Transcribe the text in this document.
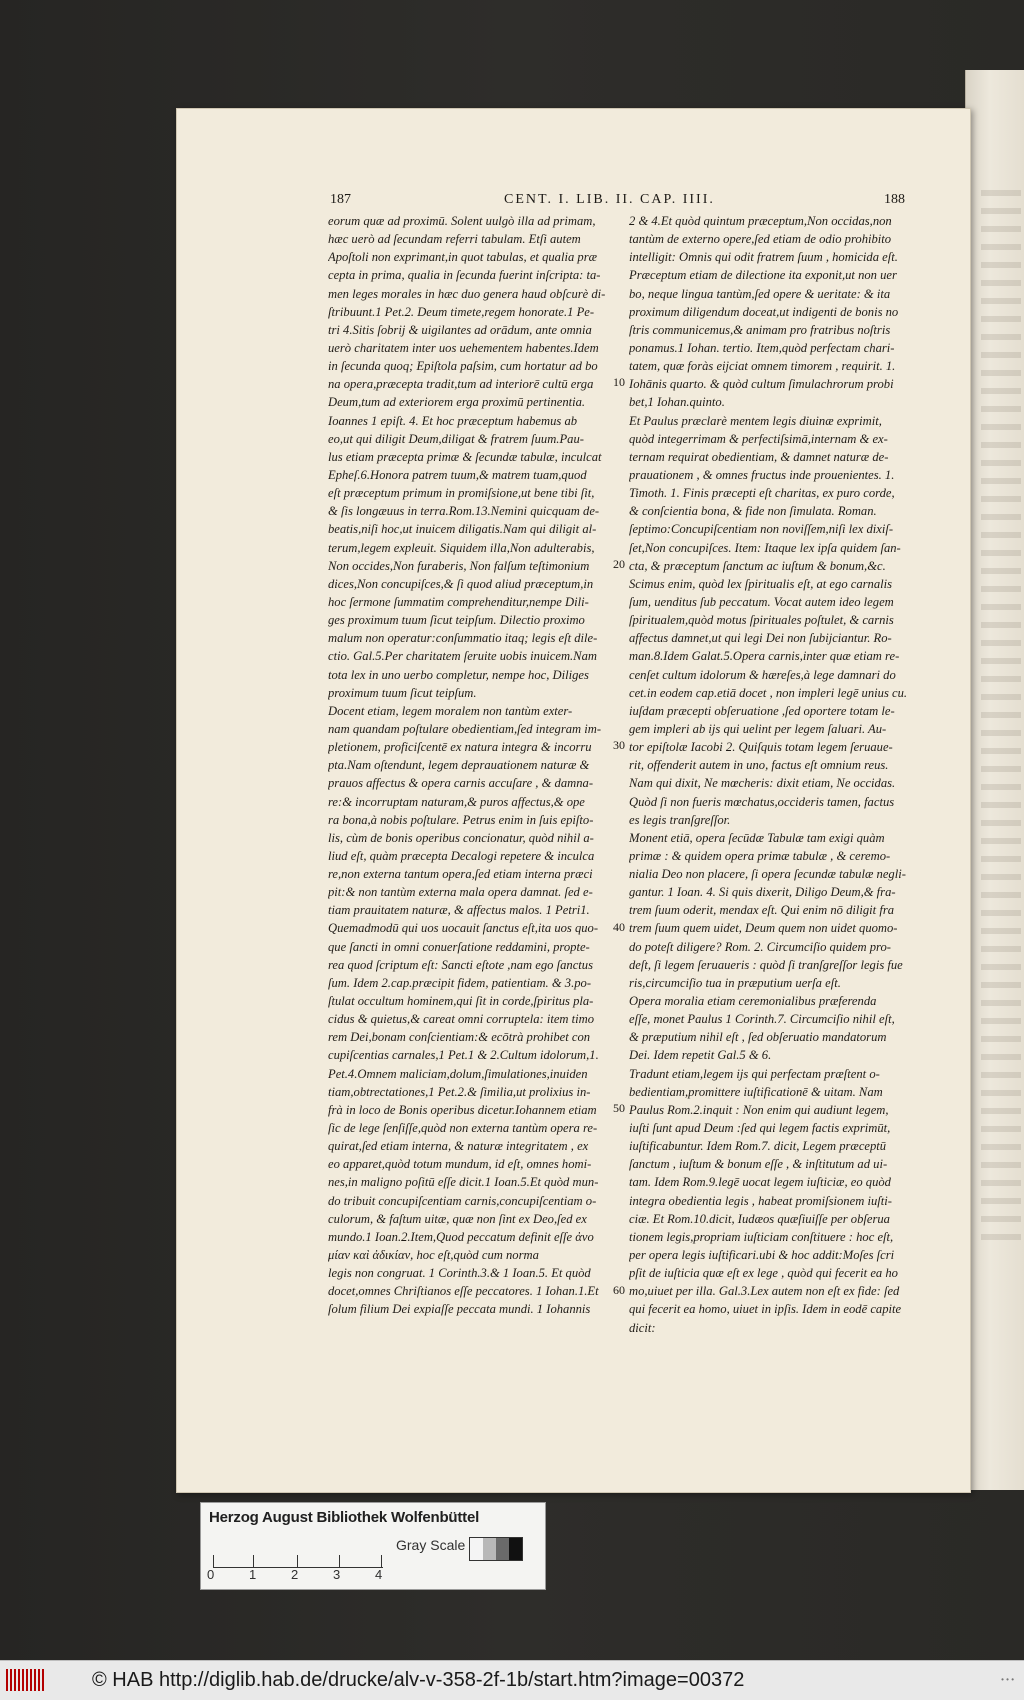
187	CENT. I. LIB. II. CAP. IIII.	188
eorum quæ ad proximū. Solent uulgò illa ad primam,
hæc uerò ad ſecundam referri tabulam. Etſi autem
Apoſtoli non exprimant,in quot tabulas, et qualia præ
cepta in prima, qualia in ſecunda fuerint inſcripta: ta-
men leges morales in hæc duo genera haud obſcurè di-
ſtribuunt.1 Pet.2. Deum timete,regem honorate.1 Pe-
tri 4.Sitis ſobrij & uigilantes ad orādum, ante omnia
uerò charitatem inter uos uehementem habentes.Idem
in ſecunda quoq; Epiſtola paſsim, cum hortatur ad bo
na opera,præcepta tradit,tum ad interiorē cultū erga
Deum,tum ad exteriorem erga proximū pertinentia.
Ioannes 1 epiſt. 4. Et hoc præceptum habemus ab
eo,ut qui diligit Deum,diligat & fratrem ſuum.Pau-
lus etiam præcepta primæ & ſecundæ tabulæ, inculcat
Epheſ.6.Honora patrem tuum,& matrem tuam,quod
eſt præceptum primum in promiſsione,ut bene tibi ſit,
& ſis longæuus in terra.Rom.13.Nemini quicquam de-
beatis,niſi hoc,ut inuicem diligatis.Nam qui diligit al-
terum,legem expleuit. Siquidem illa,Non adulterabis,
Non occides,Non furaberis, Non falſum teſtimonium
dices,Non concupiſces,& ſi quod aliud præceptum,in
hoc ſermone ſummatim comprehenditur,nempe Dili-
ges proximum tuum ſicut teipſum. Dilectio proximo
malum non operatur:conſummatio itaq; legis eſt dile-
ctio. Gal.5.Per charitatem ſeruite uobis inuicem.Nam
tota lex in uno uerbo completur, nempe hoc, Diliges
proximum tuum ſicut teipſum.
Docent etiam, legem moralem non tantùm exter-
nam quandam poſtulare obedientiam,ſed integram im-
pletionem, proficiſcentē ex natura integra & incorru
pta.Nam oſtendunt, legem deprauationem naturæ &
prauos affectus & opera carnis accuſare , & damna-
re:& incorruptam naturam,& puros affectus,& ope
ra bona,à nobis poſtulare. Petrus enim in ſuis epiſto-
lis, cùm de bonis operibus concionatur, quòd nihil a-
liud eſt, quàm præcepta Decalogi repetere & inculca
re,non externa tantum opera,ſed etiam interna præci
pit:& non tantùm externa mala opera damnat. ſed e-
tiam prauitatem naturæ, & affectus malos. 1 Petri1.
Quemadmodū qui uos uocauit ſanctus eſt,ita uos quo-
que ſancti in omni conuerſatione reddamini, propte-
rea quod ſcriptum eſt: Sancti eſtote ,nam ego ſanctus
ſum. Idem 2.cap.præcipit fidem, patientiam. & 3.po-
ſtulat occultum hominem,qui ſit in corde,ſpiritus pla-
cidus & quietus,& careat omni corruptela: item timo
rem Dei,bonam conſcientiam:& ecōtrà prohibet con
cupiſcentias carnales,1 Pet.1 & 2.Cultum idolorum,1.
Pet.4.Omnem maliciam,dolum,ſimulationes,inuiden
tiam,obtrectationes,1 Pet.2.& ſimilia,ut prolixius in-
frà in loco de Bonis operibus dicetur.Iohannem etiam
ſic de lege ſenſiſſe,quòd non externa tantùm opera re-
quirat,ſed etiam interna, & naturæ integritatem , ex
eo apparet,quòd totum mundum, id eſt, omnes homi-
nes,in maligno poſitū eſſe dicit.1 Ioan.5.Et quòd mun-
do tribuit concupiſcentiam carnis,concupiſcentiam o-
culorum, & faſtum uitæ, quæ non ſint ex Deo,ſed ex
mundo.1 Ioan.2.Item,Quod peccatum definit eſſe ἀνο
μίαν καὶ ἀδικίαν, hoc eſt,quòd cum norma
legis non congruat. 1 Corinth.3.& 1 Ioan.5. Et quòd
docet,omnes Chriſtianos eſſe peccatores. 1 Iohan.1.Et
ſolum filium Dei expiaſſe peccata mundi. 1 Iohannis
10
20
30
40
50
60
2 & 4.Et quòd quintum præceptum,Non occidas,non
tantùm de externo opere,ſed etiam de odio prohibito
intelligit: Omnis qui odit fratrem ſuum , homicida eſt.
Præceptum etiam de dilectione ita exponit,ut non uer
bo, neque lingua tantùm,ſed opere & ueritate: & ita
proximum diligendum doceat,ut indigenti de bonis no
ſtris communicemus,& animam pro fratribus noſtris
ponamus.1 Iohan. tertio. Item,quòd perfectam chari-
tatem, quæ foràs eijciat omnem timorem , requirit. 1.
Iohānis quarto. & quòd cultum ſimulachrorum probi
bet,1 Iohan.quinto.
Et Paulus præclarè mentem legis diuinæ exprimit,
quòd integerrimam & perfectiſsimā,internam & ex-
ternam requirat obedientiam, & damnet naturæ de-
prauationem , & omnes fructus inde prouenientes. 1.
Timoth. 1. Finis præcepti eſt charitas, ex puro corde,
& conſcientia bona, & fide non ſimulata. Roman.
ſeptimo:Concupiſcentiam non noviſſem,niſi lex dixiſ-
ſet,Non concupiſces. Item: Itaque lex ipſa quidem ſan-
cta, & præceptum ſanctum ac iuſtum & bonum,&c.
Scimus enim, quòd lex ſpiritualis eſt, at ego carnalis
ſum, uenditus ſub peccatum. Vocat autem ideo legem
ſpiritualem,quòd motus ſpirituales poſtulet, & carnis
affectus damnet,ut qui legi Dei non ſubijciantur. Ro-
man.8.Idem Galat.5.Opera carnis,inter quæ etiam re-
cenſet cultum idolorum & hæreſes,à lege damnari do
cet.in eodem cap.etiā docet , non impleri legē unius cu.
iuſdam præcepti obſeruatione ,ſed oportere totam le-
gem impleri ab ijs qui uelint per legem ſaluari. Au-
tor epiſtolæ Iacobi 2. Quiſquis totam legem ſeruaue-
rit, offenderit autem in uno, factus eſt omnium reus.
Nam qui dixit, Ne mœcheris: dixit etiam, Ne occidas.
Quòd ſi non fueris mœchatus,occideris tamen, factus
es legis tranſgreſſor.
Monent etiā, opera ſecūdæ Tabulæ tam exigi quàm
primæ : & quidem opera primæ tabulæ , & ceremo-
nialia Deo non placere, ſi opera ſecundæ tabulæ negli-
gantur. 1 Ioan. 4. Si quis dixerit, Diligo Deum,& fra-
trem ſuum oderit, mendax eſt. Qui enim nō diligit fra
trem ſuum quem uidet, Deum quem non uidet quomo-
do poteſt diligere? Rom. 2. Circumciſio quidem pro-
deſt, ſi legem ſeruaueris : quòd ſi tranſgreſſor legis fue
ris,circumciſio tua in præputium uerſa eſt.
Opera moralia etiam ceremonialibus præferenda
eſſe, monet Paulus 1 Corinth.7. Circumciſio nihil eſt,
& præputium nihil eſt , ſed obſeruatio mandatorum
Dei. Idem repetit Gal.5 & 6.
Tradunt etiam,legem ijs qui perfectam præſtent o-
bedientiam,promittere iuſtificationē & uitam. Nam
Paulus Rom.2.inquit : Non enim qui audiunt legem,
iuſti ſunt apud Deum :ſed qui legem factis exprimūt,
iuſtificabuntur. Idem Rom.7. dicit, Legem præceptū
ſanctum , iuſtum & bonum eſſe , & inſtitutum ad ui-
tam. Idem Rom.9.legē uocat legem iuſticiæ, eo quòd
integra obedientia legis , habeat promiſsionem iuſti-
ciæ. Et Rom.10.dicit, Iudæos quæſiuiſſe per obſerua
tionem legis,propriam iuſticiam conſtituere : hoc eſt,
per opera legis iuſtificari.ubi & hoc addit:Moſes ſcri
pſit de iuſticia quæ eſt ex lege , quòd qui fecerit ea ho
mo,uiuet per illa. Gal.3.Lex autem non eſt ex fide: ſed
qui fecerit ea homo, uiuet in ipſis. Idem in eodē capite
dicit:
Herzog August Bibliothek Wolfenbüttel
Gray Scale
0	1	2	3	4
© HAB http://diglib.hab.de/drucke/alv-v-358-2f-1b/start.htm?image=00372	• • •
